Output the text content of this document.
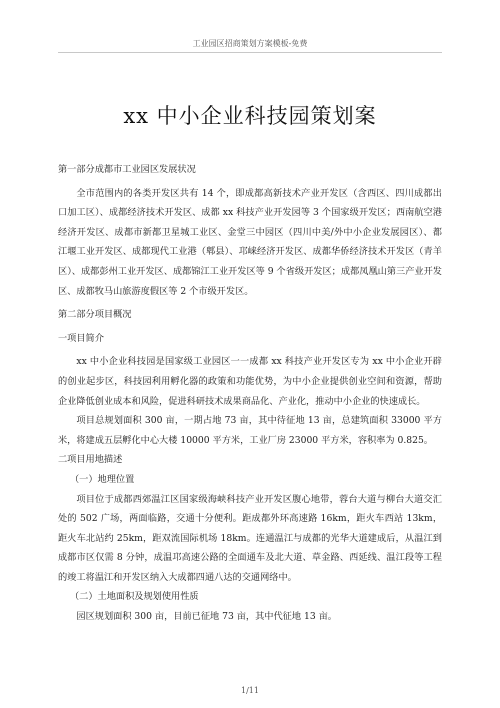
工业园区招商策划方案模板-免费
xx 中小企业科技园策划案

第一部分成都市工业园区发展状况

全市范围内的各类开发区共有 14 个，即成都高新技术产业开发区（含西区、四川成都出口加工区）、成都经济技术开发区、成都 xx 科技产业开发园等 3 个国家级开发区；西南航空港经济开发区、成都市新都卫星城工业区、金堂三中园区（四川中美/外中小企业发展园区）、都江堰工业开发区、成都现代工业港（郫县）、邛崃经济开发区、成都华侨经济技术开发区（青羊区）、成都彭州工业开发区、成都锦江工业开发区等 9 个省级开发区；成都凤凰山第三产业开发区、成都牧马山旅游度假区等 2 个市级开发区。

第二部分项目概况

一项目简介

xx 中小企业科技园是国家级工业园区一一成都 xx 科技产业开发区专为 xx 中小企业开辟的创业起步区，科技园利用孵化器的政策和功能优势，为中小企业提供创业空间和资源，帮助企业降低创业成本和风险，促进科研技术成果商品化、产业化，推动中小企业的快速成长。

项目总规划面积 300 亩，一期占地 73 亩，其中待征地 13 亩，总建筑面积 33000 平方米，将建成五层孵化中心大楼 10000 平方米，工业厂房 23000 平方米，容积率为 0.825。

二项目用地描述

（一）地理位置

项目位于成都西郊温江区国家级海峡科技产业开发区腹心地带，蓉台大道与柳台大道交汇处的 502 广场，两面临路，交通十分便利。距成都外环高速路 16km，距火车西站 13km，距火车北站约 25km，距双流国际机场 18km。连通温江与成都的光华大道建成后，从温江到成都市区仅需 8 分钟，成温邛高速公路的全面通车及北大道、草金路、西延线、温江段等工程的竣工将温江和开发区纳入大成都四通八达的交通网络中。

（二）土地面积及规划使用性质

园区规划面积 300 亩，目前已征地 73 亩，其中代征地 13 亩。

1/11
